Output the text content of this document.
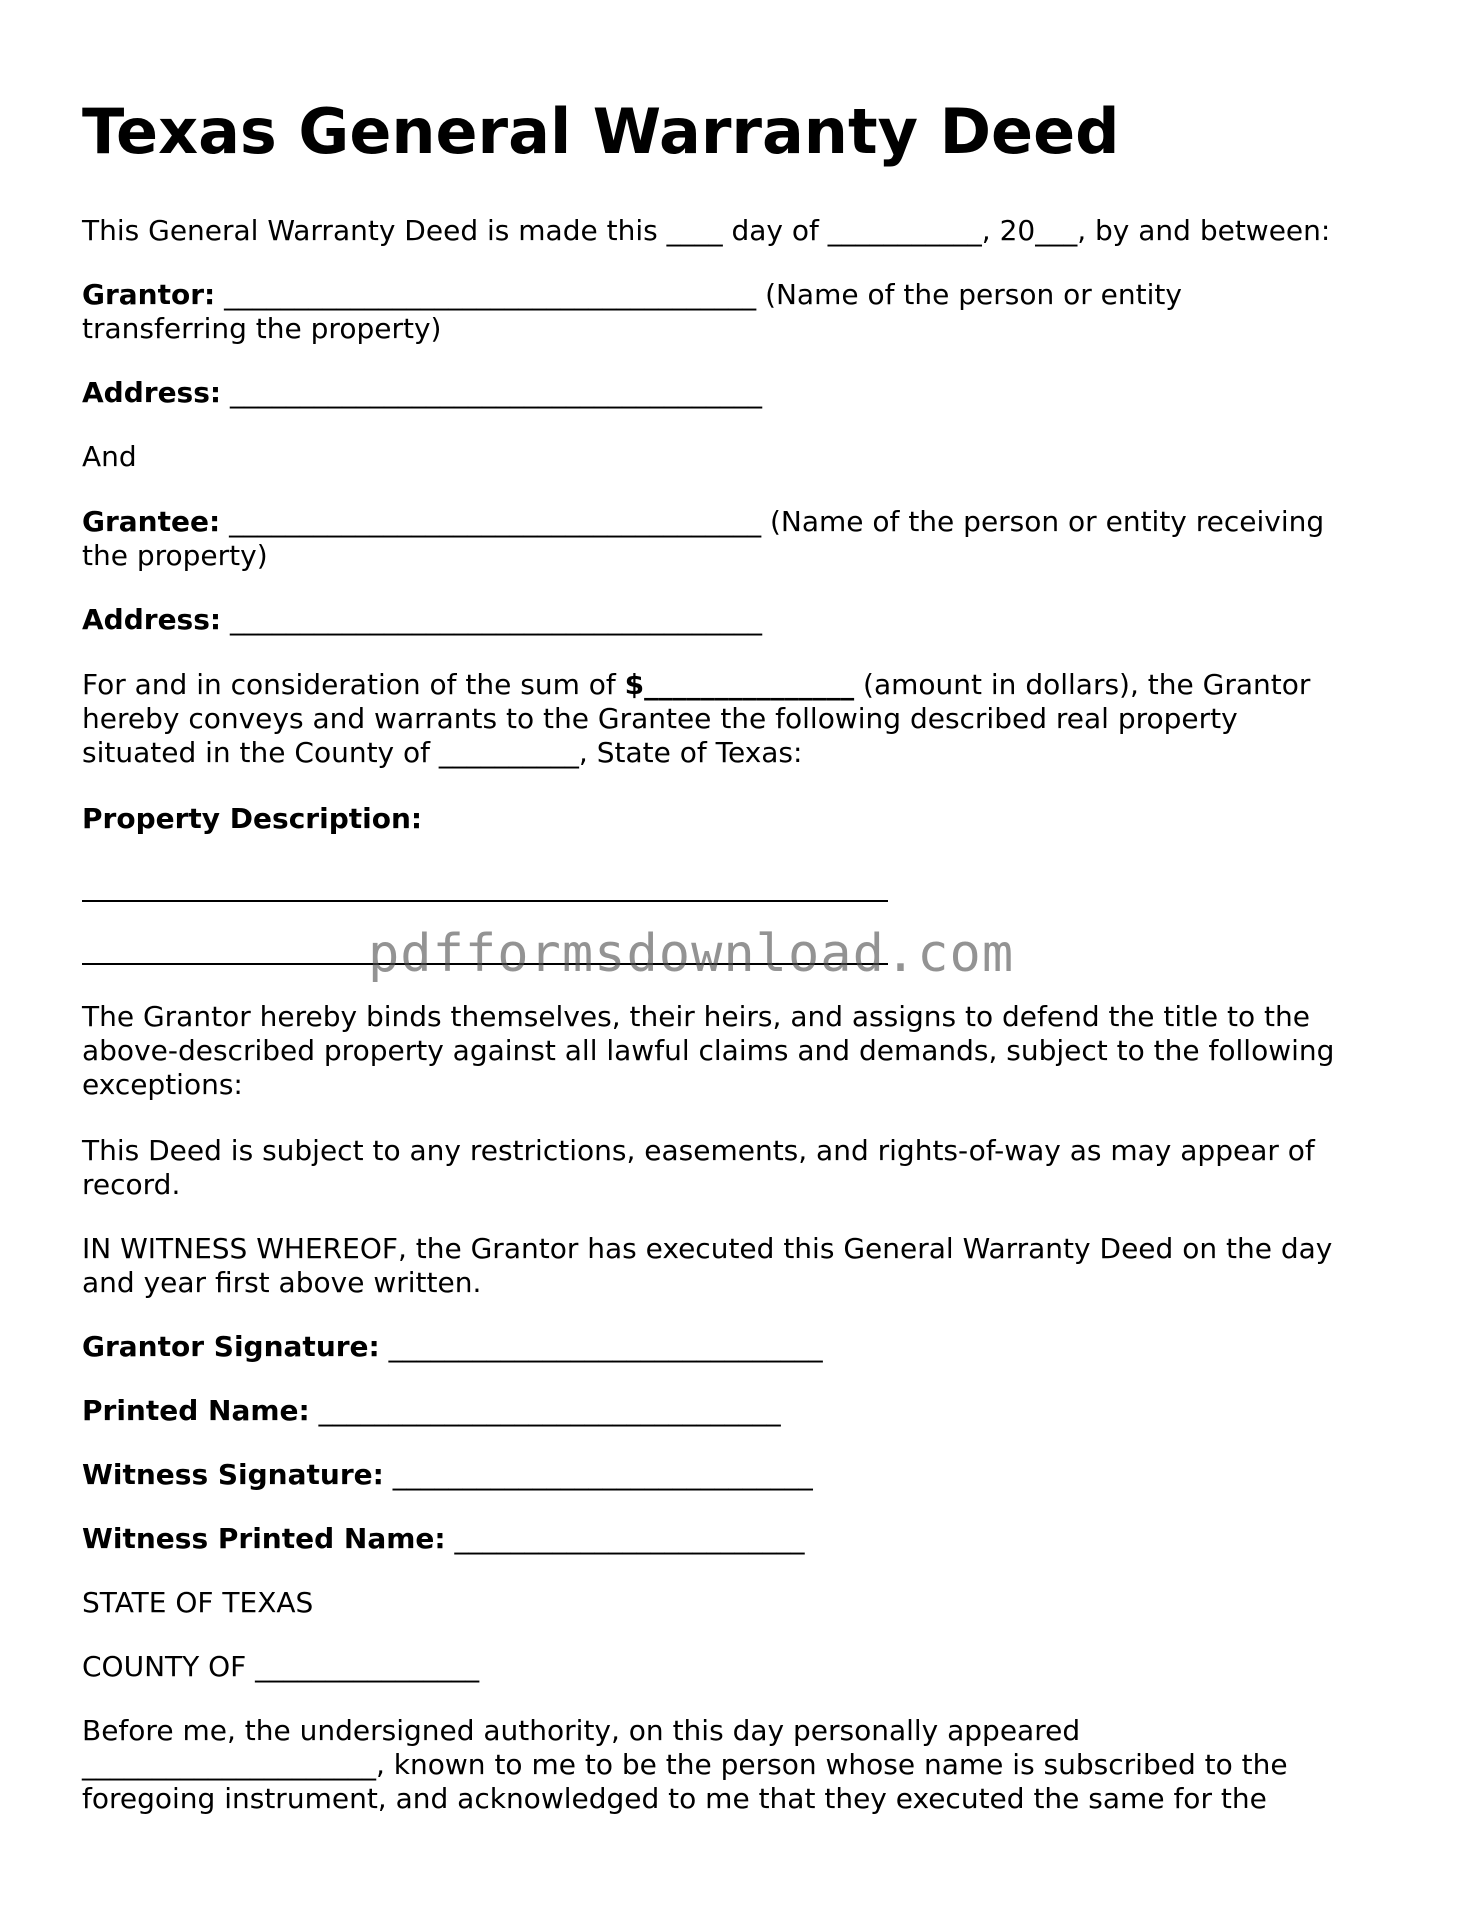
Texas General Warranty Deed
This General Warranty Deed is made this ____ day of ___________, 20___, by and between:
Grantor: ______________________________________ (Name of the person or entity
transferring the property)
Address: ______________________________________
And
Grantee: ______________________________________ (Name of the person or entity receiving
the property)
Address: ______________________________________
For and in consideration of the sum of $_______________ (amount in dollars), the Grantor
hereby conveys and warrants to the Grantee the following described real property
situated in the County of __________, State of Texas:
Property Description:
The Grantor hereby binds themselves, their heirs, and assigns to defend the title to the
above-described property against all lawful claims and demands, subject to the following
exceptions:
This Deed is subject to any restrictions, easements, and rights-of-way as may appear of
record.
IN WITNESS WHEREOF, the Grantor has executed this General Warranty Deed on the day
and year first above written.
Grantor Signature: _______________________________
Printed Name: _________________________________
Witness Signature: ______________________________
Witness Printed Name: _________________________
STATE OF TEXAS
COUNTY OF ________________
Before me, the undersigned authority, on this day personally appeared
_____________________, known to me to be the person whose name is subscribed to the
foregoing instrument, and acknowledged to me that they executed the same for the
pdfformsdownload.com
